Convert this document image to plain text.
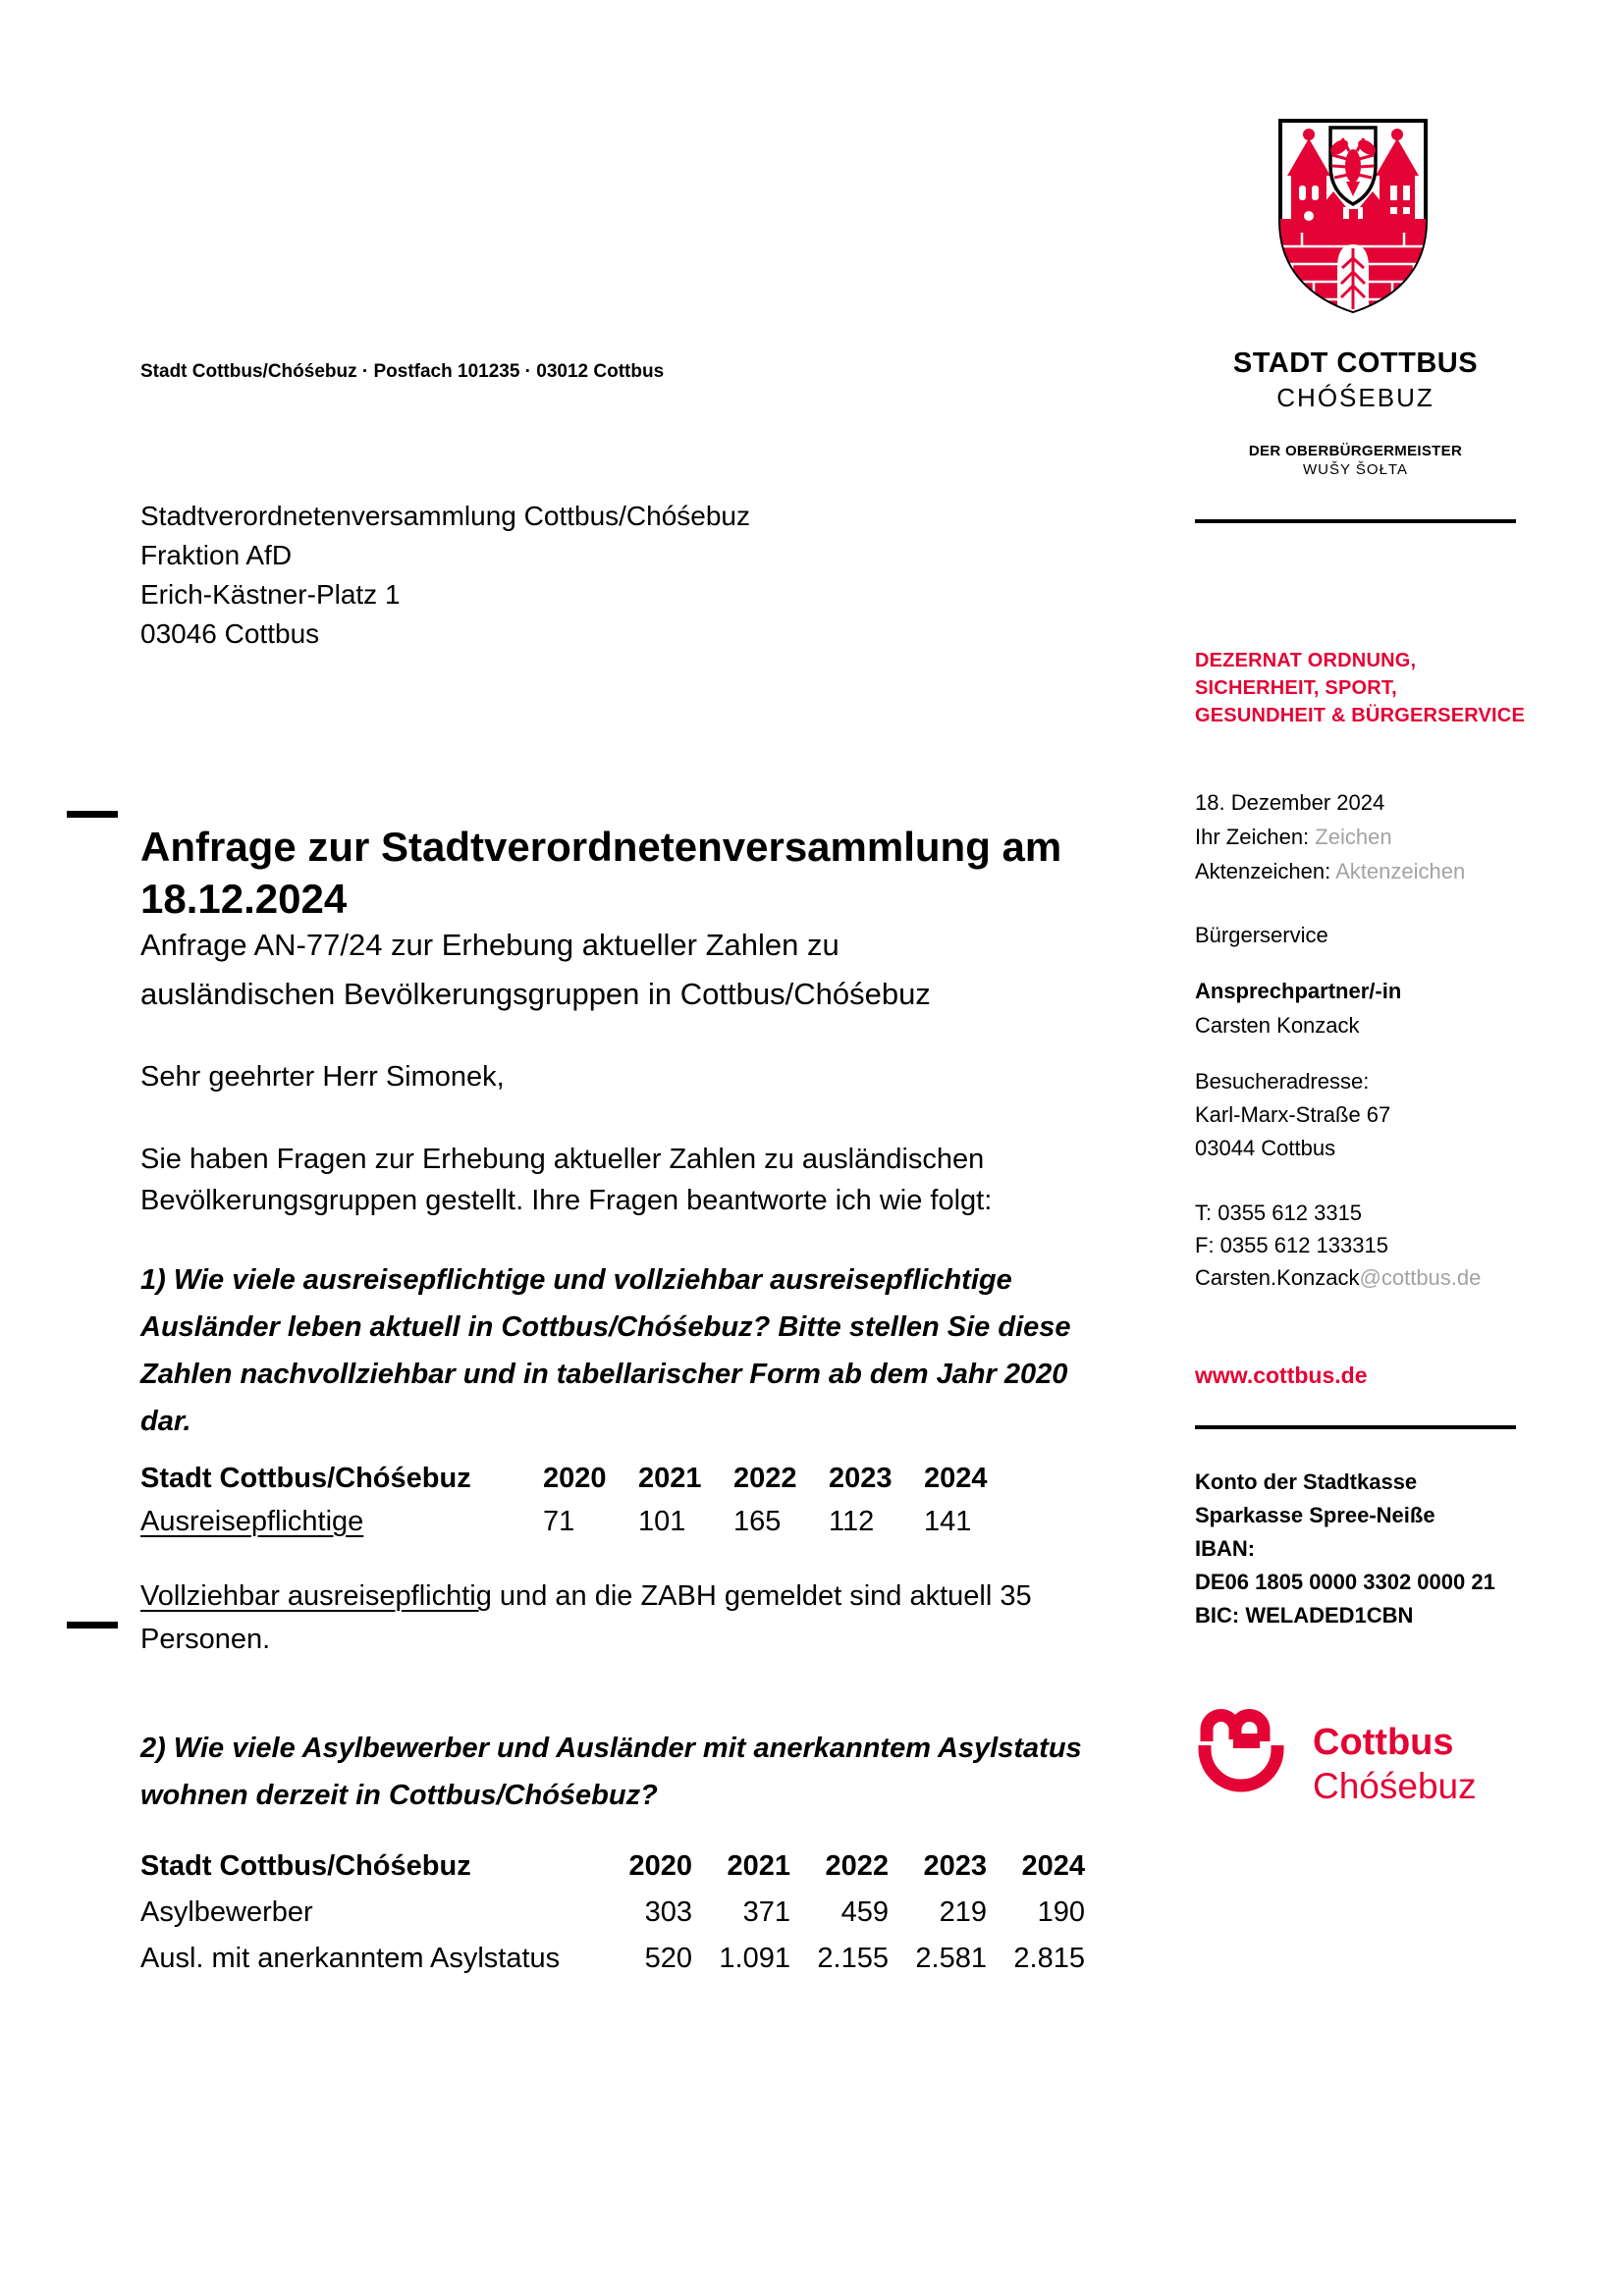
Stadt Cottbus/Chóśebuz · Postfach 101235 · 03012 Cottbus
Stadtverordnetenversammlung Cottbus/Chóśebuz
Fraktion AfD
Erich-Kästner-Platz 1
03046 Cottbus
Anfrage zur Stadtverordnetenversammlung am
18.12.2024
Anfrage AN-77/24 zur Erhebung aktueller Zahlen zu
ausländischen Bevölkerungsgruppen in Cottbus/Chóśebuz
Sehr geehrter Herr Simonek,
Sie haben Fragen zur Erhebung aktueller Zahlen zu ausländischen
Bevölkerungsgruppen gestellt. Ihre Fragen beantworte ich wie folgt:
1) Wie viele ausreisepflichtige und vollziehbar ausreisepflichtige
Ausländer leben aktuell in Cottbus/Chóśebuz? Bitte stellen Sie diese
Zahlen nachvollziehbar und in tabellarischer Form ab dem Jahr 2020
dar.
Stadt Cottbus/Chóśebuz	2020	2021	2022	2023	2024
Ausreisepflichtige	71	101	165	112	141
Vollziehbar ausreisepflichtig und an die ZABH gemeldet sind aktuell 35
Personen.
2) Wie viele Asylbewerber und Ausländer mit anerkanntem Asylstatus
wohnen derzeit in Cottbus/Chóśebuz?
Stadt Cottbus/Chóśebuz	2020	2021	2022	2023	2024
Asylbewerber	303	371	459	219	190
Ausl. mit anerkanntem Asylstatus	520	1.091	2.155	2.581	2.815
STADT COTTBUS
CHÓŚEBUZ
DER OBERBÜRGERMEISTER
WUŠY ŠOŁTA
DEZERNAT ORDNUNG,
SICHERHEIT, SPORT,
GESUNDHEIT & BÜRGERSERVICE
18. Dezember 2024
Ihr Zeichen: Zeichen
Aktenzeichen: Aktenzeichen
Bürgerservice
Ansprechpartner/-in
Carsten Konzack
Besucheradresse:
Karl-Marx-Straße 67
03044 Cottbus
T: 0355 612 3315
F: 0355 612 133315
Carsten.Konzack@cottbus.de
www.cottbus.de
Konto der Stadtkasse
Sparkasse Spree-Neiße
IBAN:
DE06 1805 0000 3302 0000 21
BIC: WELADED1CBN
Cottbus
Chóśebuz
